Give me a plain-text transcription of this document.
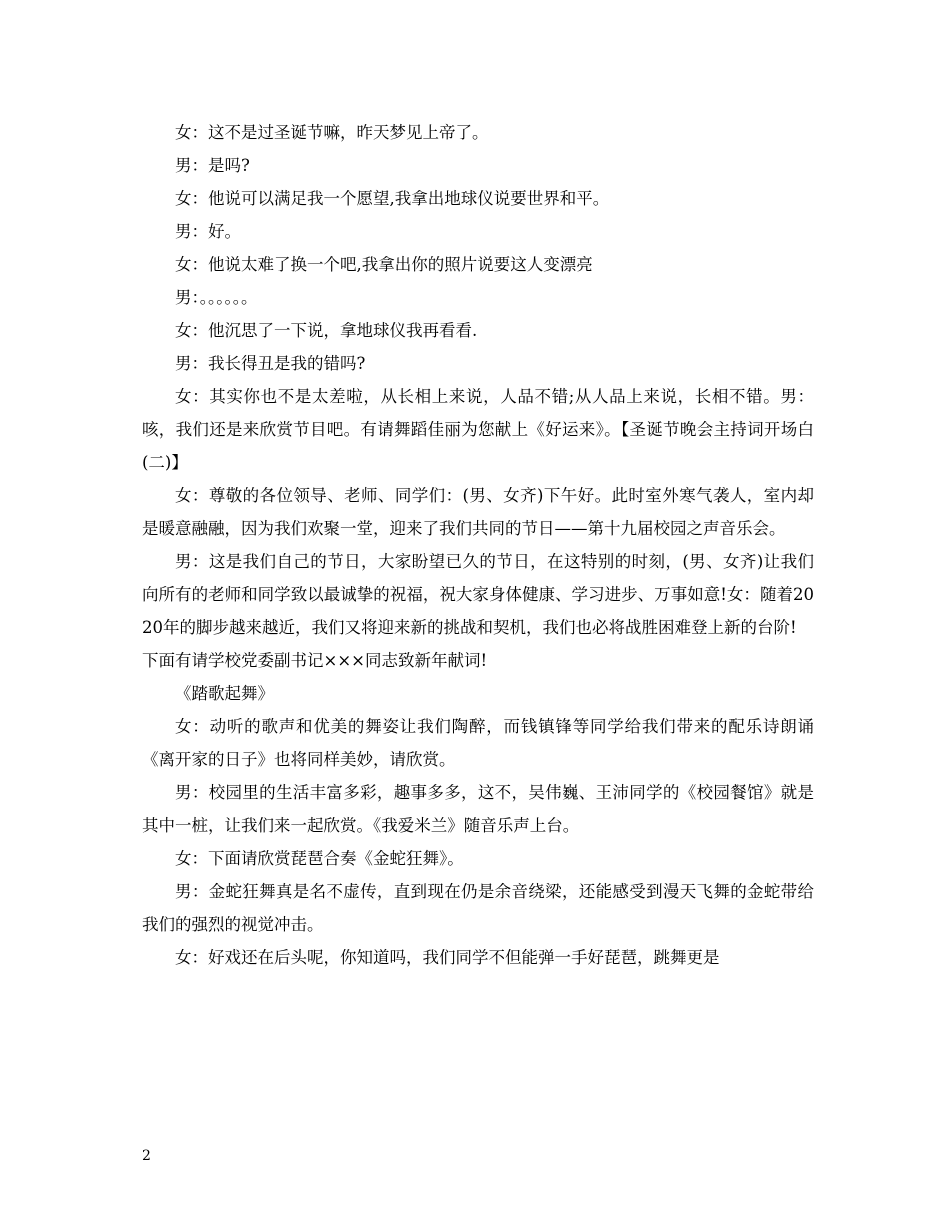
女：这不是过圣诞节嘛，昨天梦见上帝了。

男：是吗?

女：他说可以满足我一个愿望,我拿出地球仪说要世界和平。

男：好。

女：他说太难了换一个吧,我拿出你的照片说要这人变漂亮

男：。。。。。。

女：他沉思了一下说，拿地球仪我再看看.

男：我长得丑是我的错吗?

女：其实你也不是太差啦，从长相上来说，人品不错;从人品上来说，长相不错。男：咳，我们还是来欣赏节目吧。有请舞蹈佳丽为您献上《好运来》。【圣诞节晚会主持词开场白(二)】

女：尊敬的各位领导、老师、同学们：(男、女齐)下午好。此时室外寒气袭人，室内却是暖意融融，因为我们欢聚一堂，迎来了我们共同的节日——第十九届校园之声音乐会。

男：这是我们自己的节日，大家盼望已久的节日，在这特别的时刻，(男、女齐)让我们向所有的老师和同学致以最诚挚的祝福，祝大家身体健康、学习进步、万事如意!女：随着2020年的脚步越来越近，我们又将迎来新的挑战和契机，我们也必将战胜困难登上新的台阶!

下面有请学校党委副书记×××同志致新年献词!

《踏歌起舞》

女：动听的歌声和优美的舞姿让我们陶醉，而钱镇锋等同学给我们带来的配乐诗朗诵《离开家的日子》也将同样美妙，请欣赏。

男：校园里的生活丰富多彩，趣事多多，这不，吴伟巍、王沛同学的《校园餐馆》就是其中一桩，让我们来一起欣赏。《我爱米兰》随音乐声上台。

女：下面请欣赏琵琶合奏《金蛇狂舞》。

男：金蛇狂舞真是名不虚传，直到现在仍是余音绕梁，还能感受到漫天飞舞的金蛇带给我们的强烈的视觉冲击。

女：好戏还在后头呢，你知道吗，我们同学不但能弹一手好琵琶，跳舞更是

2
